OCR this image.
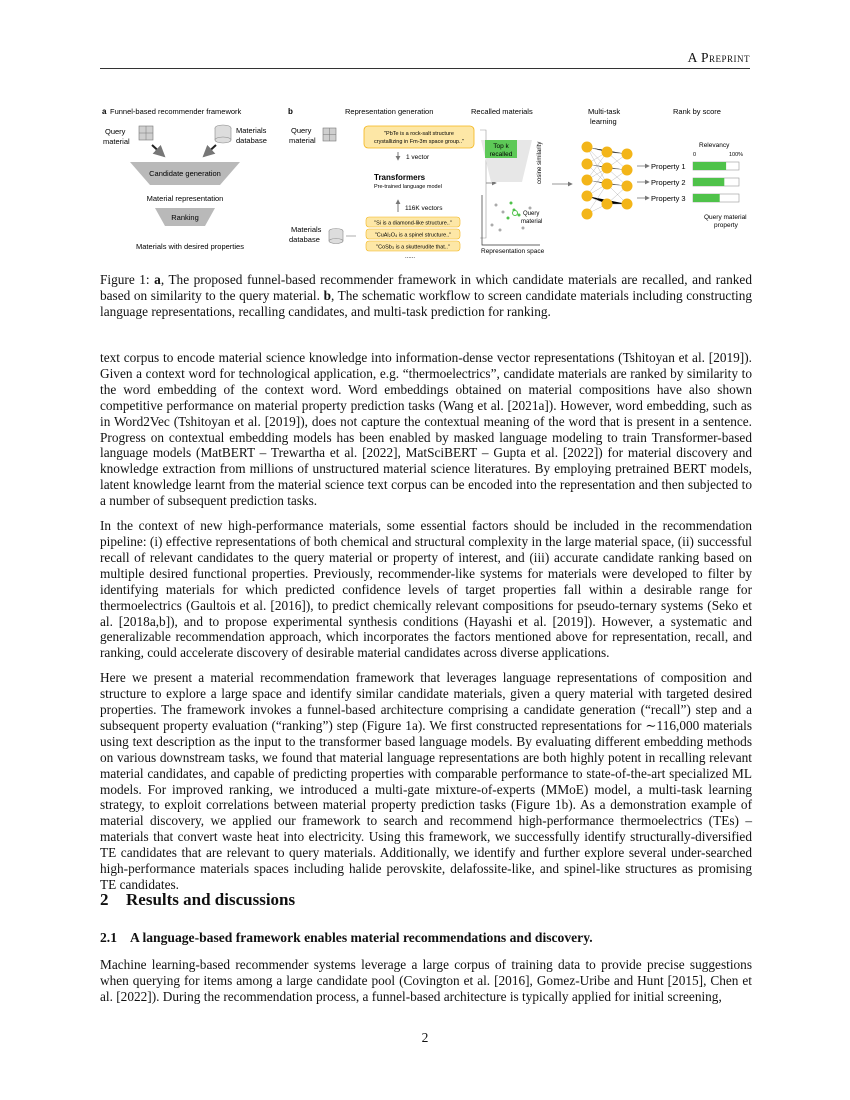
A Preprint
a Funnel-based recommender framework
Query
material
Materials
database
Candidate generation
Material representation
Ranking
Materials with desired properties
b	Representation generation	Recalled materials	Multi-task
learning
Rank by score
Query
material
"PbTe is a rock-salt structure
crystallizing in Fm-3m space group.."
1 vector
Transformers
Pre-trained language model
116K vectors
Materials
database
"Si is a diamond-like structure.."
"CuAl₂O₄ is a spinel structure.."
"CoSb₃ is a skutterudite that.."
......
Top k
recalled	cosine similarity
Query
material
Representation space
Property 1
Property 2
Property 3
Relevancy
0	100%
Query material
property
Figure 1: a, The proposed funnel-based recommender framework in which candidate materials are recalled, and ranked based on similarity to the query material. b, The schematic workflow to screen candidate materials including constructing language representations, recalling candidates, and multi-task prediction for ranking.

text corpus to encode material science knowledge into information-dense vector representations (Tshitoyan et al. [2019]). Given a context word for technological application, e.g. “thermoelectrics”, candidate materials are ranked by similarity to the word embedding of the context word. Word embeddings obtained on material compositions have also shown competitive performance on material property prediction tasks (Wang et al. [2021a]). However, word embedding, such as in Word2Vec (Tshitoyan et al. [2019]), does not capture the contextual meaning of the word that is present in a sentence. Progress on contextual embedding models has been enabled by masked language modeling to train Transformer-based language models (MatBERT – Trewartha et al. [2022], MatSciBERT – Gupta et al. [2022]) for material discovery and knowledge extraction from millions of unstructured material science literatures. By employing pretrained BERT models, latent knowledge learnt from the material science text corpus can be encoded into the representation and then subjected to a number of subsequent prediction tasks.

In the context of new high-performance materials, some essential factors should be included in the recommendation pipeline: (i) effective representations of both chemical and structural complexity in the large material space, (ii) successful recall of relevant candidates to the query material or property of interest, and (iii) accurate candidate ranking based on multiple desired functional properties. Previously, recommender-like systems for materials were developed to filter by identifying materials for which predicted confidence levels of target properties fall within a desirable range for thermoelectrics (Gaultois et al. [2016]), to predict chemically relevant compositions for pseudo-ternary systems (Seko et al. [2018a,b]), and to propose experimental synthesis conditions (Hayashi et al. [2019]). However, a systematic and generalizable recommendation approach, which incorporates the factors mentioned above for representation, recall, and ranking, could accelerate discovery of desirable material candidates across diverse applications.

Here we present a material recommendation framework that leverages language representations of composition and structure to explore a large space and identify similar candidate materials, given a query material with targeted desired properties. The framework invokes a funnel-based architecture comprising a candidate generation (“recall”) step and a subsequent property evaluation (“ranking”) step (Figure 1a). We first constructed representations for ∼116,000 materials using text description as the input to the transformer based language models. By evaluating different embedding methods on various downstream tasks, we found that material language representations are both highly potent in recalling relevant material candidates, and capable of predicting properties with comparable performance to state-of-the-art specialized ML models. For improved ranking, we introduced a multi-gate mixture-of-experts (MMoE) model, a multi-task learning strategy, to exploit correlations between material property prediction tasks (Figure 1b). As a demonstration example of material discovery, we applied our framework to search and recommend high-performance thermoelectrics (TEs) – materials that convert waste heat into electricity. Using this framework, we successfully identify structurally-diversified TE candidates that are relevant to query materials. Additionally, we identify and further explore several under-searched high-performance materials spaces including halide perovskite, delafossite-like, and spinel-like structures as promising TE candidates.

2 Results and discussions
2.1 A language-based framework enables material recommendations and discovery.

Machine learning-based recommender systems leverage a large corpus of training data to provide precise suggestions when querying for items among a large candidate pool (Covington et al. [2016], Gomez-Uribe and Hunt [2015], Chen et al. [2022]). During the recommendation process, a funnel-based architecture is typically applied for initial screening,

2
